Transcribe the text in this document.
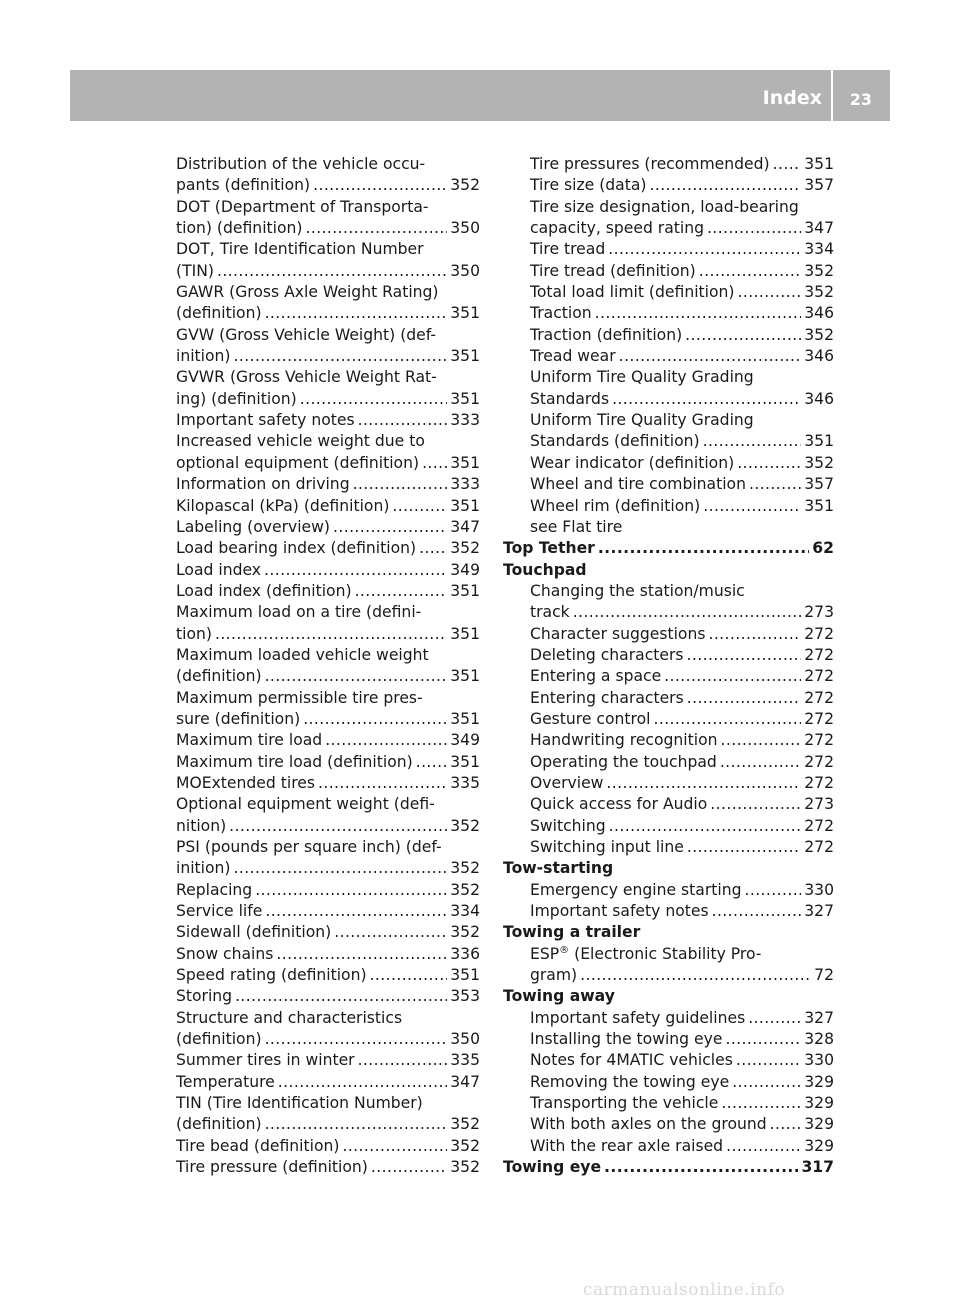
Index 23
Distribution of the vehicle occu-
pants (definition) .....	352
DOT (Department of Transporta-
tion) (definition) .....	350
DOT, Tire Identification Number
(TIN) .....	350
GAWR (Gross Axle Weight Rating)
(definition) .....	351
GVW (Gross Vehicle Weight) (def-
inition) .....	351
GVWR (Gross Vehicle Weight Rat-
ing) (definition) .....	351
Important safety notes .....	333
Increased vehicle weight due to
optional equipment (definition) ..... 351
Information on driving .....	333
Kilopascal (kPa) (definition) .....	351
Labeling (overview) .....	347
Load bearing index (definition) ..... 352
Load index .....	349
Load index (definition) .....	351
Maximum load on a tire (defini-
tion) .....	351
Maximum loaded vehicle weight
(definition) .....	351
Maximum permissible tire pres-
sure (definition) .....	351
Maximum tire load .....	349
Maximum tire load (definition) ..... 351
MOExtended tires .....	335
Optional equipment weight (defi-
nition) .....	352
PSI (pounds per square inch) (def-
inition) .....	352
Replacing .....	352
Service life .....	334
Sidewall (definition) .....	352
Snow chains .....	336
Speed rating (definition) .....	351
Storing .....	353
Structure and characteristics
(definition) .....	350
Summer tires in winter .....	335
Temperature .....	347
TIN (Tire Identification Number)
(definition) .....	352
Tire bead (definition) .....	352
Tire pressure (definition) .....	352
Tire pressures (recommended) ..... 351
Tire size (data) .....	357
Tire size designation, load-bearing
capacity, speed rating .....	347
Tire tread .....	334
Tire tread (definition) .....	352
Total load limit (definition) .....	352
Traction .....	346
Traction (definition) .....	352
Tread wear .....	346
Uniform Tire Quality Grading
Standards .....	346
Uniform Tire Quality Grading
Standards (definition) .....	351
Wear indicator (definition) .....	352
Wheel and tire combination .....	357
Wheel rim (definition) .....	351
see Flat tire
Top Tether .....	62
Touchpad
Changing the station/music
track .....	273
Character suggestions .....	272
Deleting characters .....	272
Entering a space .....	272
Entering characters .....	272
Gesture control .....	272
Handwriting recognition .....	272
Operating the touchpad .....	272
Overview .....	272
Quick access for Audio .....	273
Switching .....	272
Switching input line .....	272
Tow-starting
Emergency engine starting .....	330
Important safety notes .....	327
Towing a trailer
ESP® (Electronic Stability Pro-
gram) .....	72
Towing away
Important safety guidelines .....	327
Installing the towing eye .....	328
Notes for 4MATIC vehicles .....	330
Removing the towing eye .....	329
Transporting the vehicle .....	329
With both axles on the ground ..... 329
With the rear axle raised .....	329
Towing eye .....	317
carmanualsonline.info
